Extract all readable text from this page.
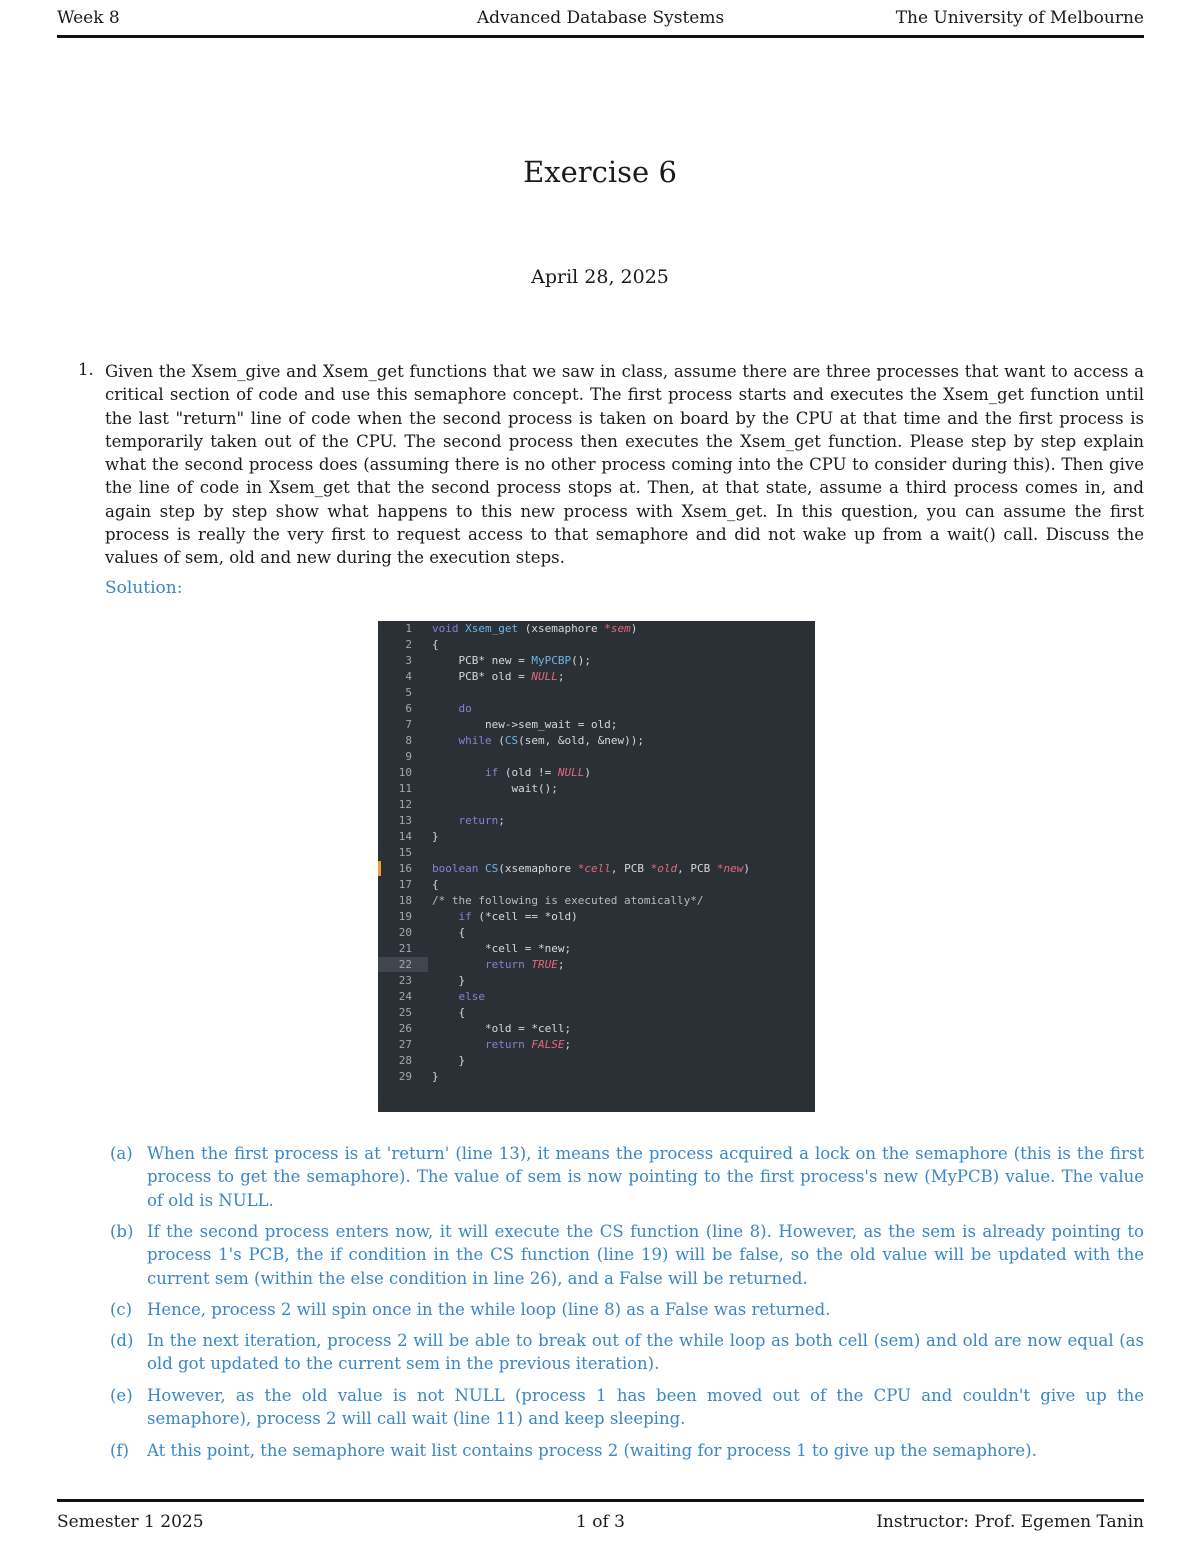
Week 8	Advanced Database Systems	The University of Melbourne
Exercise 6
April 28, 2025
1. Given the Xsem_give and Xsem_get functions that we saw in class, assume there are three processes that want to access a critical section of code and use this semaphore concept. The first process starts and executes the Xsem_get function until the last "return" line of code when the second process is taken on board by the CPU at that time and the first process is temporarily taken out of the CPU. The second process then executes the Xsem_get function. Please step by step explain what the second process does (assuming there is no other process coming into the CPU to consider during this). Then give the line of code in Xsem_get that the second process stops at. Then, at that state, assume a third process comes in, and again step by step show what happens to this new process with Xsem_get. In this question, you can assume the first process is really the very first to request access to that semaphore and did not wake up from a wait() call. Discuss the values of sem, old and new during the execution steps.
Solution:
1
2
3
4
5
6
7
8
9
10
11
12
13
14
15
16
17
18
19
20
21
22
23
24
25
26
27
28
29
void Xsem_get (xsemaphore *sem)
{
PCB* new = MyPCBP();
PCB* old = NULL;
do
new->sem_wait = old;
while (CS(sem, &old, &new));
if (old != NULL)
wait();
return;
}
boolean CS(xsemaphore *cell, PCB *old, PCB *new)
{
/* the following is executed atomically*/
if (*cell == *old)
{
*cell = *new;
return TRUE;
}
else
{
*old = *cell;
return FALSE;
}
}
(a) When the first process is at 'return' (line 13), it means the process acquired a lock on the semaphore (this is the first process to get the semaphore). The value of sem is now pointing to the first process's new (MyPCB) value. The value of old is NULL.
(b) If the second process enters now, it will execute the CS function (line 8). However, as the sem is already pointing to process 1's PCB, the if condition in the CS function (line 19) will be false, so the old value will be updated with the current sem (within the else condition in line 26), and a False will be returned.
(c) Hence, process 2 will spin once in the while loop (line 8) as a False was returned.
(d) In the next iteration, process 2 will be able to break out of the while loop as both cell (sem) and old are now equal (as old got updated to the current sem in the previous iteration).
(e) However, as the old value is not NULL (process 1 has been moved out of the CPU and couldn't give up the semaphore), process 2 will call wait (line 11) and keep sleeping.
(f) At this point, the semaphore wait list contains process 2 (waiting for process 1 to give up the semaphore).
Semester 1 2025	1 of 3	Instructor: Prof. Egemen Tanin
